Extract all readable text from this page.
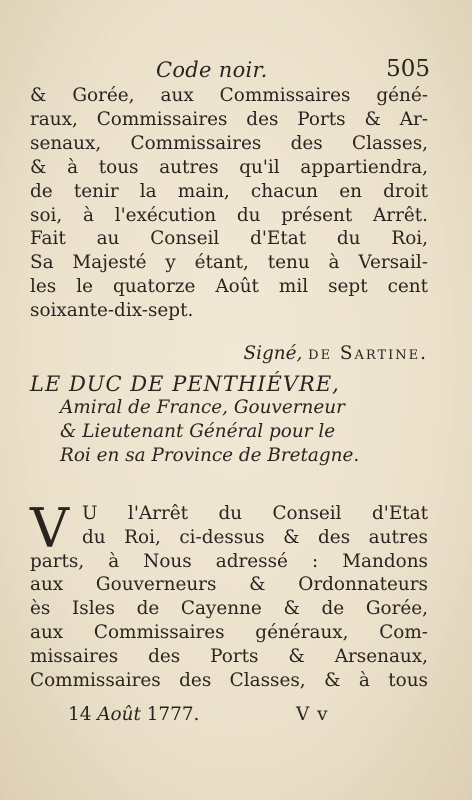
Code noir.	505
& Gorée, aux Commissaires géné-
raux, Commissaires des Ports & Ar-
senaux, Commissaires des Classes,
& à tous autres qu'il appartiendra,
de tenir la main, chacun en droit
soi, à l'exécution du présent Arrêt.
Fait au Conseil d'Etat du Roi,
Sa Majesté y étant, tenu à Versail-
les le quatorze Août mil sept cent
soixante-dix-sept.
Signé, de Sartine.
LE DUC DE PENTHIÉVRE,
Amiral de France, Gouverneur
& Lieutenant Général pour le
Roi en sa Province de Bretagne.
V U l'Arrêt du Conseil d'Etat
du Roi, ci-dessus & des autres
parts, à Nous adressé : Mandons
aux Gouverneurs & Ordonnateurs
ès Isles de Cayenne & de Gorée,
aux Commissaires généraux, Com-
missaires des Ports & Arsenaux,
Commissaires des Classes, & à tous
14 Août 1777.	V v
